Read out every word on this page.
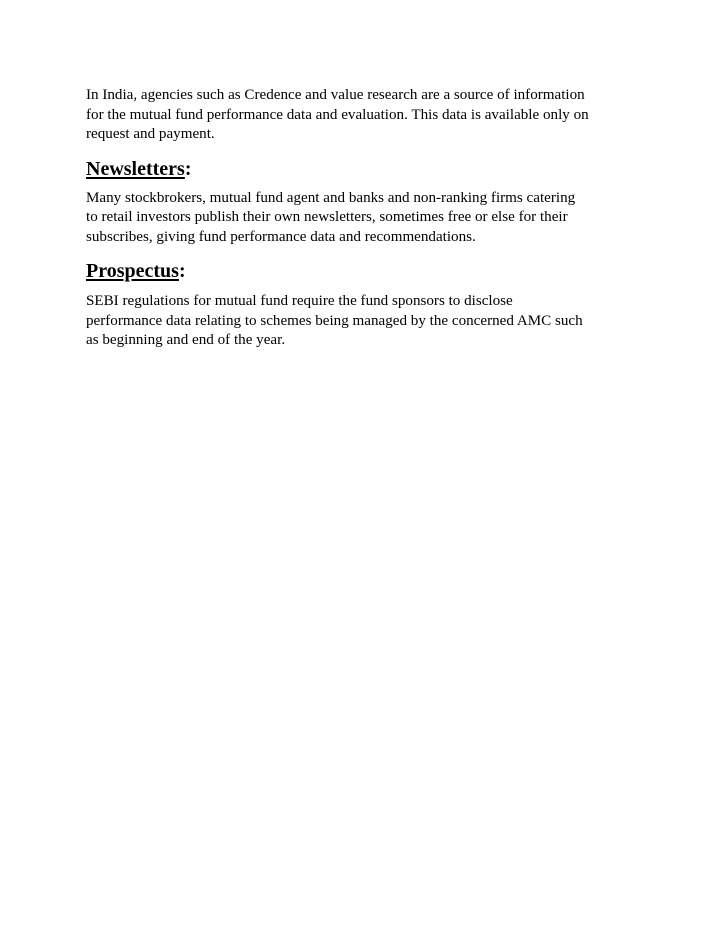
In India, agencies such as Credence and value research are a source of information
for the mutual fund performance data and evaluation. This data is available only on
request and payment.

Newsletters:

Many stockbrokers, mutual fund agent and banks and non-ranking firms catering
to retail investors publish their own newsletters, sometimes free or else for their
subscribes, giving fund performance data and recommendations.

Prospectus:

SEBI regulations for mutual fund require the fund sponsors to disclose
performance data relating to schemes being managed by the concerned AMC such
as beginning and end of the year.
